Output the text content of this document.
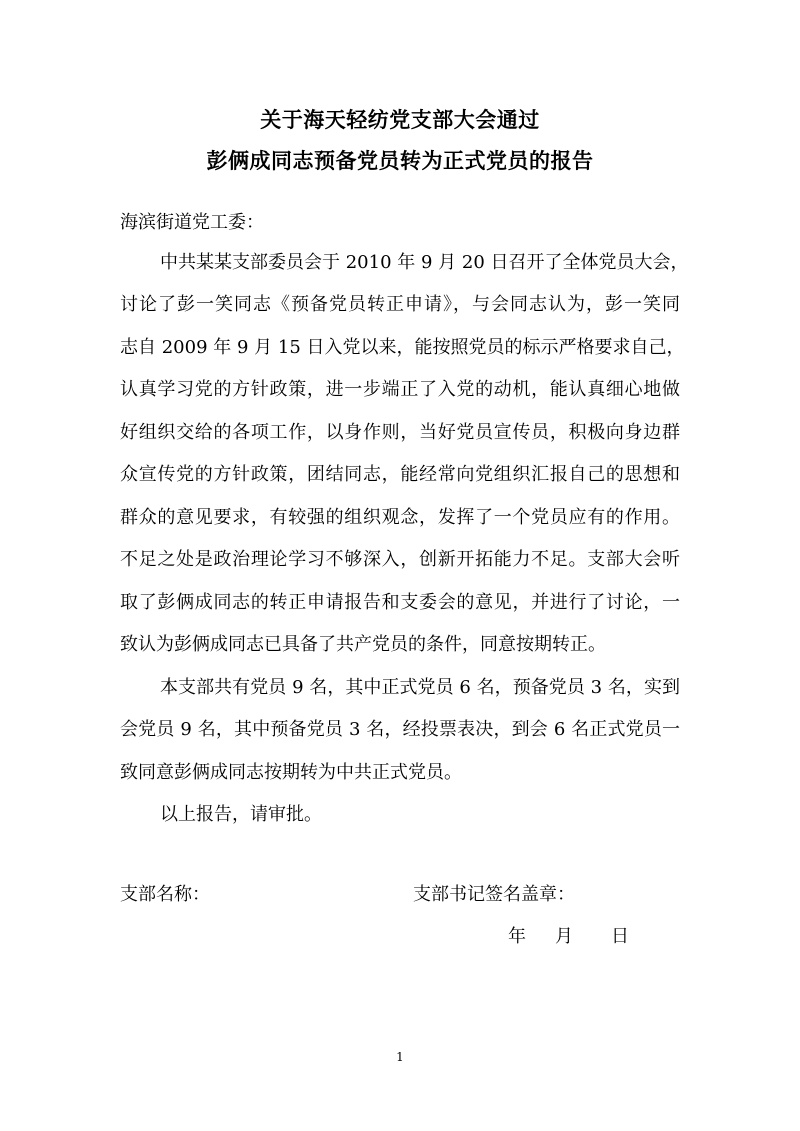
关于海天轻纺党支部大会通过
彭俩成同志预备党员转为正式党员的报告
海滨街道党工委：
中共某某支部委员会于 2010 年 9 月 20 日召开了全体党员大会，
讨论了彭一笑同志《预备党员转正申请》，与会同志认为，彭一笑同
志自 2009 年 9 月 15 日入党以来，能按照党员的标示严格要求自己，
认真学习党的方针政策，进一步端正了入党的动机，能认真细心地做
好组织交给的各项工作，以身作则，当好党员宣传员，积极向身边群
众宣传党的方针政策，团结同志，能经常向党组织汇报自己的思想和
群众的意见要求，有较强的组织观念，发挥了一个党员应有的作用。
不足之处是政治理论学习不够深入，创新开拓能力不足。支部大会听
取了彭俩成同志的转正申请报告和支委会的意见，并进行了讨论，一
致认为彭俩成同志已具备了共产党员的条件，同意按期转正。
本支部共有党员 9 名，其中正式党员 6 名，预备党员 3 名，实到
会党员 9 名，其中预备党员 3 名，经投票表决，到会 6 名正式党员一
致同意彭俩成同志按期转为中共正式党员。
以上报告，请审批。
支部名称：	支部书记签名盖章：
年 月 日
1
